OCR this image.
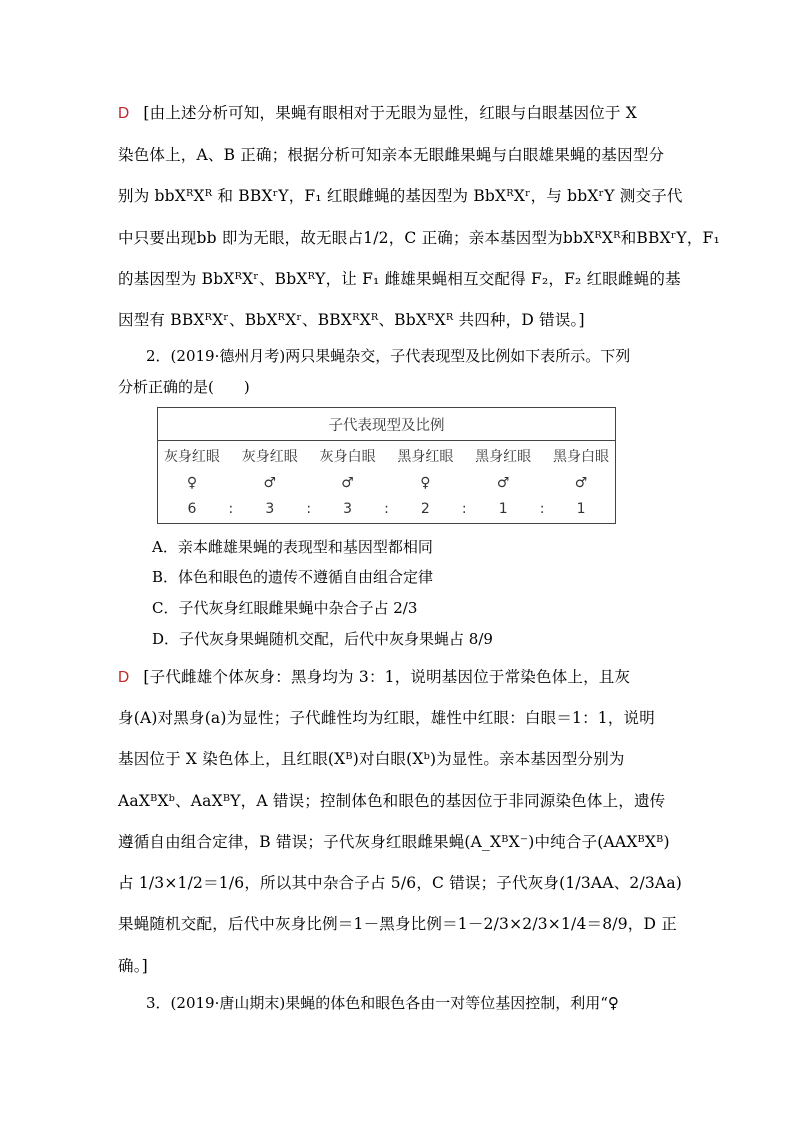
D [由上述分析可知，果蝇有眼相对于无眼为显性，红眼与白眼基因位于 X
染色体上，A、B 正确；根据分析可知亲本无眼雌果蝇与白眼雄果蝇的基因型分
别为 bbXᴿXᴿ 和 BBXʳY，F₁ 红眼雌蝇的基因型为 BbXᴿXʳ，与 bbXʳY 测交子代
中只要出现bb 即为无眼，故无眼占1/2，C 正确；亲本基因型为bbXᴿXᴿ和BBXʳY，F₁
的基因型为 BbXᴿXʳ、BbXᴿY，让 F₁ 雌雄果蝇相互交配得 F₂，F₂ 红眼雌蝇的基
因型有 BBXᴿXʳ、BbXᴿXʳ、BBXᴿXᴿ、BbXᴿXᴿ 共四种，D 错误。]
2．(2019·德州月考)两只果蝇杂交，子代表现型及比例如下表所示。下列
分析正确的是(　　)
子代表现型及比例										
灰身红眼		灰身红眼		灰身白眼		黑身红眼		黑身红眼		黑身白眼
♀		♂		♂		♀		♂		♂
6	:	3	:	3	:	2	:	1	:	1
A．亲本雌雄果蝇的表现型和基因型都相同
B．体色和眼色的遗传不遵循自由组合定律
C．子代灰身红眼雌果蝇中杂合子占 2/3
D．子代灰身果蝇随机交配，后代中灰身果蝇占 8/9
D [子代雌雄个体灰身：黑身均为 3：1，说明基因位于常染色体上，且灰
身(A)对黑身(a)为显性；子代雌性均为红眼，雄性中红眼：白眼＝1：1，说明
基因位于 X 染色体上，且红眼(Xᴮ)对白眼(Xᵇ)为显性。亲本基因型分别为
AaXᴮXᵇ、AaXᴮY，A 错误；控制体色和眼色的基因位于非同源染色体上，遗传
遵循自由组合定律，B 错误；子代灰身红眼雌果蝇(A_XᴮX⁻)中纯合子(AAXᴮXᴮ)
占 1/3×1/2＝1/6，所以其中杂合子占 5/6，C 错误；子代灰身(1/3AA、2/3Aa)
果蝇随机交配，后代中灰身比例＝1－黑身比例＝1－2/3×2/3×1/4＝8/9，D 正
确。]
3．(2019·唐山期末)果蝇的体色和眼色各由一对等位基因控制，利用“♀
